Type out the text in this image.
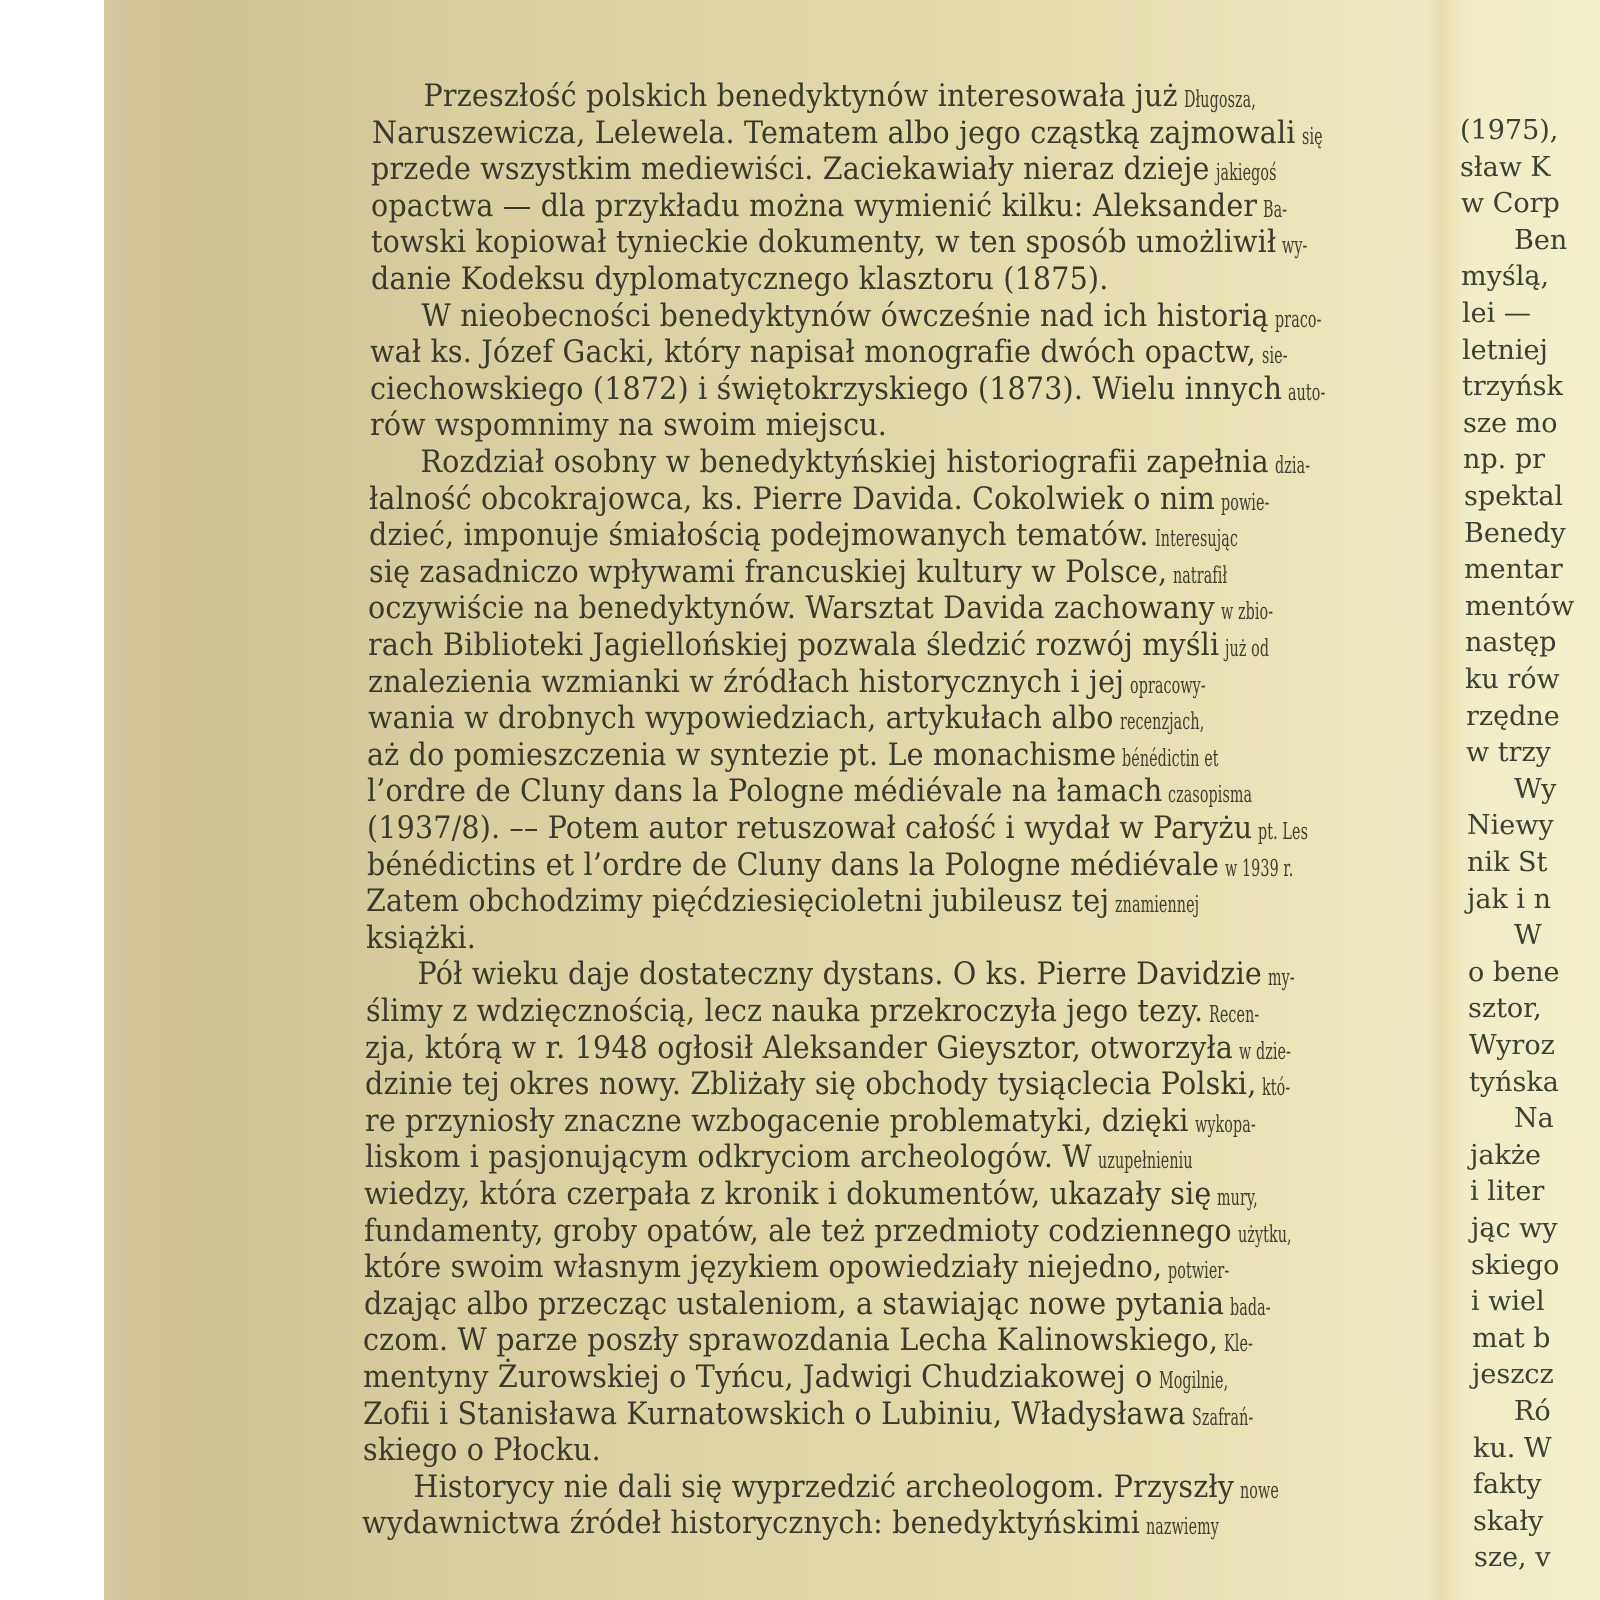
Przeszłość polskich benedyktynów interesowała już Długosza,
Naruszewicza, Lelewela. Tematem albo jego cząstką zajmowali się
przede wszystkim mediewiści. Zaciekawiały nieraz dzieje jakiegoś
opactwa — dla przykładu można wymienić kilku: Aleksander Ba-
towski kopiował tynieckie dokumenty, w ten sposób umożliwił wy-
danie Kodeksu dyplomatycznego klasztoru (1875).
W nieobecności benedyktynów ówcześnie nad ich historią praco-
wał ks. Józef Gacki, który napisał monografie dwóch opactw, sie-
ciechowskiego (1872) i świętokrzyskiego (1873). Wielu innych auto-
rów wspomnimy na swoim miejscu.
Rozdział osobny w benedyktyńskiej historiografii zapełnia dzia-
łalność obcokrajowca, ks. Pierre Davida. Cokolwiek o nim powie-
dzieć, imponuje śmiałością podejmowanych tematów. Interesując
się zasadniczo wpływami francuskiej kultury w Polsce, natrafił
oczywiście na benedyktynów. Warsztat Davida zachowany w zbio-
rach Biblioteki Jagiellońskiej pozwala śledzić rozwój myśli już od
znalezienia wzmianki w źródłach historycznych i jej opracowy-
wania w drobnych wypowiedziach, artykułach albo recenzjach,
aż do pomieszczenia w syntezie pt. Le monachisme bénédictin et
l’ordre de Cluny dans la Pologne médiévale na łamach czasopisma
(1937/8). –– Potem autor retuszował całość i wydał w Paryżu pt. Les
bénédictins et l’ordre de Cluny dans la Pologne médiévale w 1939 r.
Zatem obchodzimy pięćdziesięcioletni jubileusz tej znamiennej
książki.
Pół wieku daje dostateczny dystans. O ks. Pierre Davidzie my-
ślimy z wdzięcznością, lecz nauka przekroczyła jego tezy. Recen-
zja, którą w r. 1948 ogłosił Aleksander Gieysztor, otworzyła w dzie-
dzinie tej okres nowy. Zbliżały się obchody tysiąclecia Polski, któ-
re przyniosły znaczne wzbogacenie problematyki, dzięki wykopa-
liskom i pasjonującym odkryciom archeologów. W uzupełnieniu
wiedzy, która czerpała z kronik i dokumentów, ukazały się mury,
fundamenty, groby opatów, ale też przedmioty codziennego użytku,
które swoim własnym językiem opowiedziały niejedno, potwier-
dzając albo przecząc ustaleniom, a stawiając nowe pytania bada-
czom. W parze poszły sprawozdania Lecha Kalinowskiego, Kle-
mentyny Żurowskiej o Tyńcu, Jadwigi Chudziakowej o Mogilnie,
Zofii i Stanisława Kurnatowskich o Lubiniu, Władysława Szafrań-
skiego o Płocku.
Historycy nie dali się wyprzedzić archeologom. Przyszły nowe
wydawnictwa źródeł historycznych: benedyktyńskimi nazwiemy
(1975),
sław K
w Corp
Ben
myślą,
lei —
letniej
trzyńsk
sze mo
np. pr
spektal
Benedy
mentar
mentów
następ
ku rów
rzędne
w trzy
Wy
Niewy
nik St
jak i n
W
o bene
sztor,
Wyroz
tyńska
Na
jakże
i liter
jąc wy
skiego
i wiel
mat b
jeszcz
Ró
ku. W
fakty
skały
sze, v
